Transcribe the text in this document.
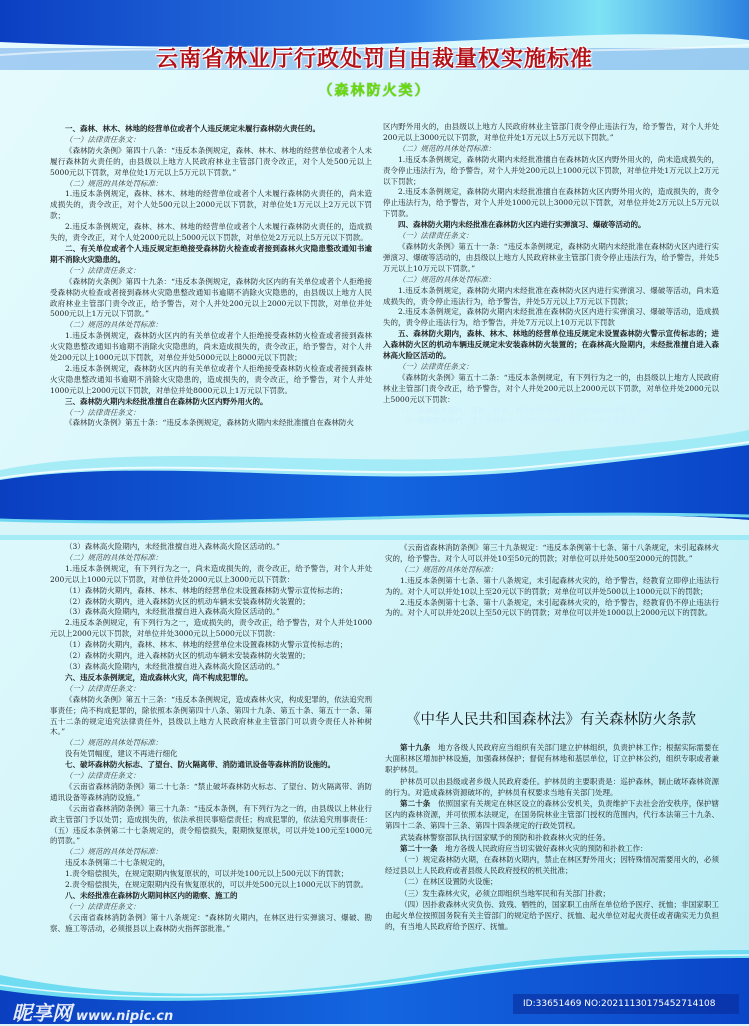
云南省林业厅行政处罚自由裁量权实施标准
（森林防火类）
一、森林、林木、林地的经营单位或者个人违反规定未履行森林防火责任的。
（一）法律责任条文：
《森林防火条例》第四十八条：“违反本条例规定，森林、林木、林地的经营单位或者个人未履行森林防火责任的，由县级以上地方人民政府林业主管部门责令改正，对个人处500元以上5000元以下罚款，对单位处1万元以上5万元以下罚款。”
（二）规范的具体处罚标准：
1.违反本条例规定，森林、林木、林地的经营单位或者个人未履行森林防火责任的，尚未造成损失的，责令改正，对个人处500元以上2000元以下罚款，对单位处1万元以上2万元以下罚款；
2.违反本条例规定，森林、林木、林地的经营单位或者个人未履行森林防火责任的，造成损失的，责令改正，对个人处2000元以上5000元以下罚款，对单位处2万元以上5万元以下罚款。
二、有关单位或者个人违反规定拒绝接受森林防火检查或者接到森林火灾隐患整改通知书逾期不消除火灾隐患的。
（一）法律责任条文：
《森林防火条例》第四十九条：“违反本条例规定，森林防火区内的有关单位或者个人拒绝接受森林防火检查或者接到森林火灾隐患整改通知书逾期不消除火灾隐患的，由县级以上地方人民政府林业主管部门责令改正，给予警告，对个人并处200元以上2000元以下罚款，对单位并处5000元以上1万元以下罚款。”
（二）规范的具体处罚标准：
1.违反本条例规定，森林防火区内的有关单位或者个人拒绝接受森林防火检查或者接到森林火灾隐患整改通知书逾期不消除火灾隐患的，尚未造成损失的，责令改正，给予警告，对个人并处200元以上1000元以下罚款，对单位并处5000元以上8000元以下罚款；
2.违反本条例规定，森林防火区内的有关单位或者个人拒绝接受森林防火检查或者接到森林火灾隐患整改通知书逾期不消除火灾隐患的，造成损失的，责令改正，给予警告，对个人并处1000元以上2000元以下罚款，对单位并处8000元以上1万元以下罚款。
三、森林防火期内未经批准擅自在森林防火区内野外用火的。
（一）法律责任条文：
《森林防火条例》第五十条：“违反本条例规定，森林防火期内未经批准擅自在森林防火
区内野外用火的，由县级以上地方人民政府林业主管部门责令停止违法行为，给予警告，对个人并处200元以上3000元以下罚款，对单位并处1万元以上5万元以下罚款。”
（二）规范的具体处罚标准：
1.违反本条例规定，森林防火期内未经批准擅自在森林防火区内野外用火的，尚未造成损失的，责令停止违法行为，给予警告，对个人并处200元以上1000元以下罚款，对单位并处1万元以上2万元以下罚款；
2.违反本条例规定，森林防火期内未经批准擅自在森林防火区内野外用火的，造成损失的，责令停止违法行为，给予警告，对个人并处1000元以上3000元以下罚款，对单位并处2万元以上5万元以下罚款。
四、森林防火期内未经批准在森林防火区内进行实弹演习、爆破等活动的。
（一）法律责任条文：
《森林防火条例》第五十一条：“违反本条例规定，森林防火期内未经批准在森林防火区内进行实弹演习、爆破等活动的，由县级以上地方人民政府林业主管部门责令停止违法行为，给予警告，并处5万元以上10万元以下罚款。”
（二）规范的具体处罚标准：
1.违反本条例规定，森林防火期内未经批准在森林防火区内进行实弹演习、爆破等活动，尚未造成损失的，责令停止违法行为，给予警告，并处5万元以上7万元以下罚款；
2.违反本条例规定，森林防火期内未经批准在森林防火区内进行实弹演习、爆破等活动，造成损失的，责令停止违法行为，给予警告，并处7万元以上10万元以下罚款
五、森林防火期内，森林、林木、林地的经营单位违反规定未设置森林防火警示宣传标志的；进入森林防火区的机动车辆违反规定未安装森林防火装置的；在森林高火险期内，未经批准擅自进入森林高火险区活动的。
（一）法律责任条文：
《森林防火条例》第五十二条：“违反本条例规定，有下列行为之一的，由县级以上地方人民政府林业主管部门责令改正，给予警告，对个人并处200元以上2000元以下罚款，对单位并处2000元以上5000元以下罚款：
（1）森林防火期内，森林、林木、林地的经营单位未设置森林防火警示宣传标志的；
（2）森林防火期内，进入森林防火区的机动车辆未安装森林防火装置的；
（3）森林高火险期内，未经批准擅自进入森林高火险区活动的。”
（二）规范的具体处罚标准：
1.违反本条例规定，有下列行为之一，尚未造成损失的，责令改正，给予警告，对个人并处200元以上1000元以下罚款，对单位并处2000元以上3000元以下罚款：
（1）森林防火期内，森林、林木、林地的经营单位未设置森林防火警示宣传标志的；
（2）森林防火期内，进入森林防火区的机动车辆未安装森林防火装置的；
（3）森林高火险期内，未经批准擅自进入森林高火险区活动的。”
2.违反本条例规定，有下列行为之一，造成损失的，责令改正，给予警告，对个人并处1000元以上2000元以下罚款，对单位并处3000元以上5000元以下罚款：
（1）森林防火期内，森林、林木、林地的经营单位未设置森林防火警示宣传标志的；
（2）森林防火期内，进入森林防火区的机动车辆未安装森林防火装置的；
（3）森林高火险期内，未经批准擅自进入森林高火险区活动的。”
六、违反本条例规定，造成森林火灾，尚不构成犯罪的。
（一）法律责任条文：
《森林防火条例》第五十三条：“违反本条例规定，造成森林火灾，构成犯罪的，依法追究刑事责任；尚不构成犯罪的，除依照本条例第四十八条、第四十九条、第五十条、第五十一条、第五十二条的规定追究法律责任外，县级以上地方人民政府林业主管部门可以责令责任人补种树木。”
（二）规范的具体处罚标准：
没有处罚幅度，建议不再进行细化
七、破坏森林防火标志、了望台、防火隔离带、消防通讯设备等森林消防设施的。
（一）法律责任条文：
《云南省森林消防条例》第二十七条：“禁止破坏森林防火标志、了望台、防火隔离带、消防通讯设备等森林消防设施。”
《云南省森林消防条例》第三十九条：“违反本条例，有下列行为之一的，由县级以上林业行政主管部门予以处罚；造成损失的，依法承担民事赔偿责任；构成犯罪的，依法追究刑事责任：（五）违反本条例第二十七条规定的，责令赔偿损失，限期恢复原状，可以并处100元至1000元的罚款。”
（二）规范的具体处罚标准：
违反本条例第二十七条规定的，
1.责令赔偿损失，在规定限期内恢复原状的，可以并处100元以上500元以下的罚款；
2.责令赔偿损失，在规定限期内没有恢复原状的，可以并处500元以上1000元以下的罚款。
八、未经批准在森林防火期间林区内的勘察、施工的
（一）法律责任条文：
《云南省森林消防条例》第十八条规定：“森林防火期内，在林区进行实弹演习、爆破、勘察、施工等活动，必须报县以上森林防火指挥部批准。”
《云南省森林消防条例》第三十九条规定：“违反本条例第十七条、第十八条规定，未引起森林火灾的，给予警告。对个人可以并处10至50元的罚款；对单位可以并处500至2000元的罚款。”
（二）规范的具体处罚标准：
1.违反本条例第十七条、第十八条规定，未引起森林火灾的，给予警告，经教育立即停止违法行为的。对个人可以并处10以上至20元以下的罚款；对单位可以并处500以上1000元以下的罚款；
2.违反本条例第十七条、第十八条规定，未引起森林火灾的，给予警告，经教育仍不停止违法行为的。对个人可以并处20以上至50元以下的罚款；对单位可以并处1000以上2000元以下的罚款。
《中华人民共和国森林法》有关森林防火条款
第十九条　地方各级人民政府应当组织有关部门建立护林组织，负责护林工作；根据实际需要在大面积林区增加护林设施，加强森林保护；督促有林地和基层单位，订立护林公约，组织专职或者兼职护林员。
护林员可以由县级或者乡级人民政府委任。护林员的主要职责是：巡护森林，制止破坏森林资源的行为。对造成森林资源破坏的，护林员有权要求当地有关部门处理。
第二十条　依照国家有关规定在林区设立的森林公安机关，负责维护下去社会治安秩序，保护辖区内的森林资源，并可依照本法规定，在国务院林业主管部门授权的范围内，代行本法第三十九条、第四十二条、第四十三条、第四十四条规定的行政处罚权。
武装森林警察部队执行国家赋予的预防和扑救森林火灾的任务。
第二十一条　地方各级人民政府应当切实做好森林火灾的预防和扑救工作：
（一）规定森林防火期，在森林防火期内，禁止在林区野外用火；因特殊情况需要用火的，必须经过县以上人民政府或者县级人民政府授权的机关批准；
（二）在林区设置防火设施；
（三）发生森林火灾，必须立即组织当地军民和有关部门扑救；
（四）因扑救森林火灾负伤、致残、牺牲的，国家职工由所在单位给予医疗、抚恤；非国家职工由起火单位按照国务院有关主管部门的规定给予医疗、抚恤、起火单位对起火责任或者确实无力负担的，有当地人民政府给予医疗、抚恤。
昵享网 www.nipic.cn
ID:33651469 NO:20211130175452714108
